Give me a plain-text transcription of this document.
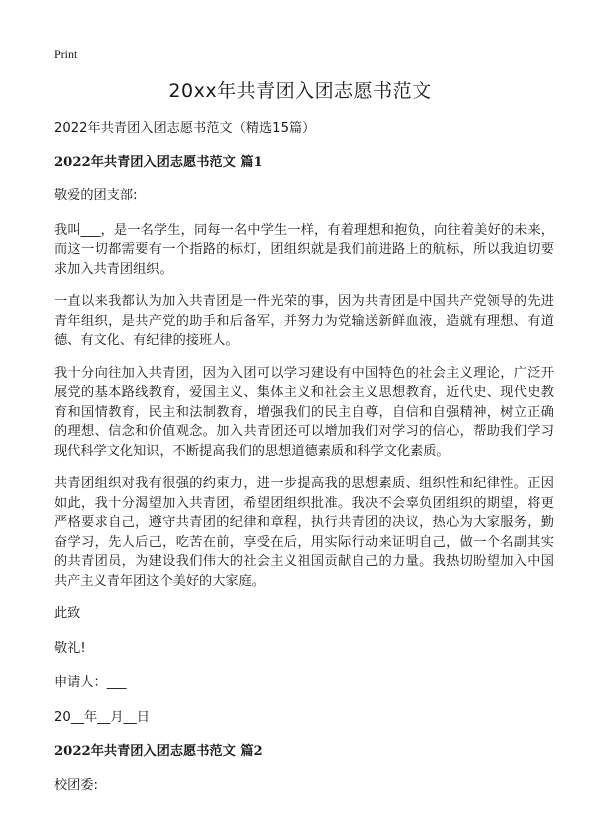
Print
20xx年共青团入团志愿书范文

2022年共青团入团志愿书范文（精选15篇）

2022年共青团入团志愿书范文 篇1

敬爱的团支部:

我叫___，是一名学生，同每一名中学生一样，有着理想和抱负，向往着美好的未来，而这一切都需要有一个指路的标灯，团组织就是我们前进路上的航标，所以我迫切要求加入共青团组织。

一直以来我都认为加入共青团是一件光荣的事，因为共青团是中国共产党领导的先进青年组织，是共产党的助手和后备军，并努力为党输送新鲜血液，造就有理想、有道德、有文化、有纪律的接班人。

我十分向往加入共青团，因为入团可以学习建设有中国特色的社会主义理论，广泛开展党的基本路线教育，爱国主义、集体主义和社会主义思想教育，近代史、现代史教育和国情教育，民主和法制教育，增强我们的民主自尊，自信和自强精神，树立正确的理想、信念和价值观念。加入共青团还可以增加我们对学习的信心，帮助我们学习现代科学文化知识，不断提高我们的思想道德素质和科学文化素质。

共青团组织对我有很强的约束力，进一步提高我的思想素质、组织性和纪律性。正因如此，我十分渴望加入共青团，希望团组织批准。我决不会辜负团组织的期望，将更严格要求自己，遵守共青团的纪律和章程，执行共青团的决议，热心为大家服务，勤奋学习，先人后己，吃苦在前，享受在后，用实际行动来证明自己，做一个名副其实的共青团员，为建设我们伟大的社会主义祖国贡献自己的力量。我热切盼望加入中国共产主义青年团这个美好的大家庭。

此致

敬礼!

申请人：___

20__年__月__日

2022年共青团入团志愿书范文 篇2

校团委:
